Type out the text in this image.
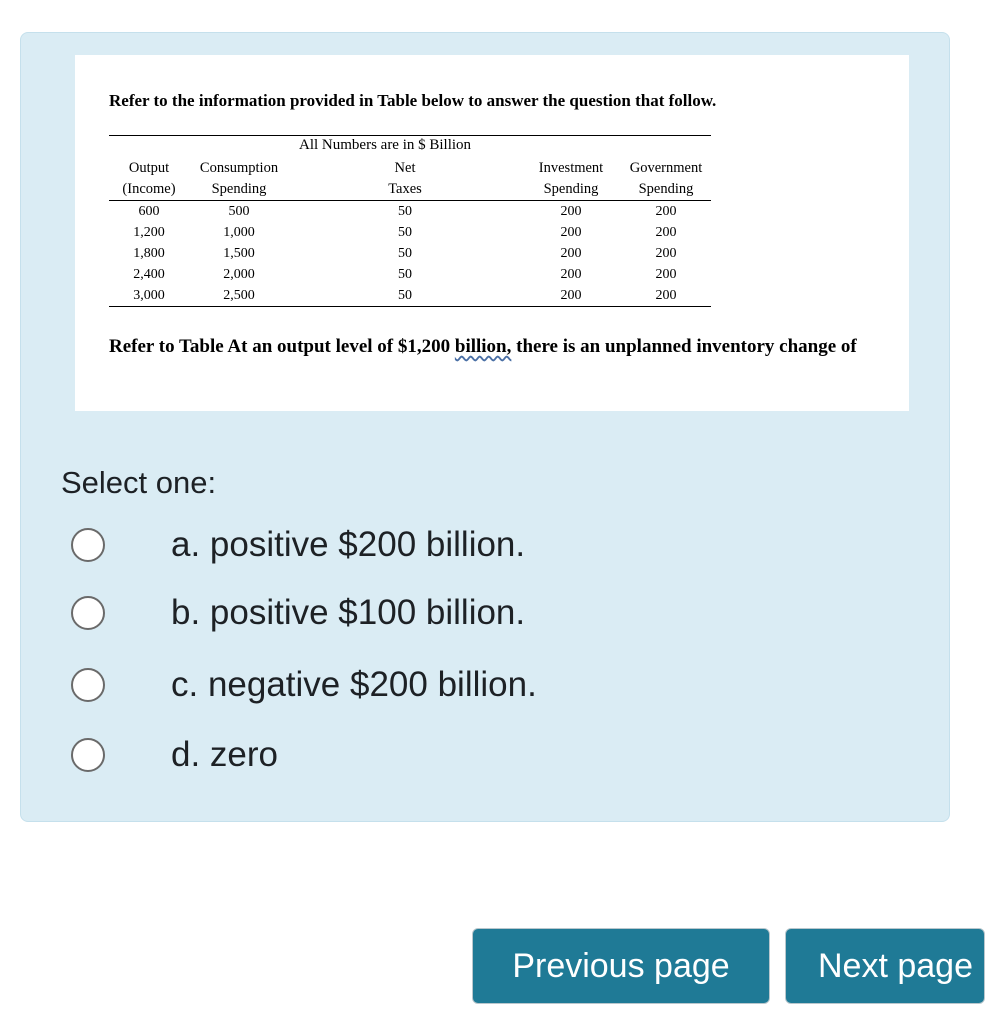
Refer to the information provided in Table below to answer the question that follow.
All Numbers are in $ Billion
Output	Consumption	Net	Investment	Government
(Income)	Spending	Taxes	Spending	Spending
600	500	50	200	200
1,200	1,000	50	200	200
1,800	1,500	50	200	200
2,400	2,000	50	200	200
3,000	2,500	50	200	200
Refer to Table At an output level of $1,200 billion, there is an unplanned inventory change of
Select one:
a. positive $200 billion.
b. positive $100 billion.
c. negative $200 billion.
d. zero
Previous page	Next page
